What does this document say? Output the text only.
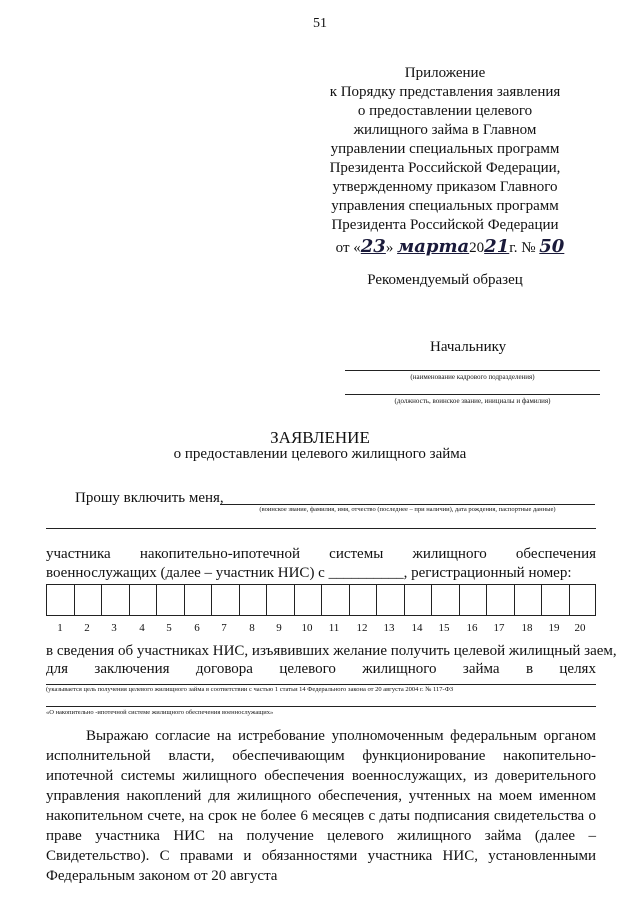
51
Приложение
к Порядку представления заявления
о предоставлении целевого
жилищного займа в Главном
управлении специальных программ
Президента Российской Федерации,
утвержденному приказом Главного
управления специальных программ
Президента Российской Федерации
от «23» марта2021г. № 50
Рекомендуемый образец
Начальнику
(наименование кадрового подразделения)
(должность, воинское звание, инициалы и фамилия)
ЗАЯВЛЕНИЕ
о предоставлении целевого жилищного займа
Прошу включить меня,
(воинское звание, фамилия, имя, отчество (последнее – при наличии), дата рождения, паспортные данные)
участника накопительно-ипотечной системы жилищного обеспечения
военнослужащих (далее – участник НИС) с __________, регистрационный номер:
1	2	3	4	5	6	7	8	9	10	11	12	13	14	15	16	17	18	19	20
в сведения об участниках НИС, изъявивших желание получить целевой жилищный заем,
для заключения договора целевого жилищного займа в целях
(указывается цель получения целевого жилищного займа в соответствии с частью 1 статьи 14 Федерального закона от 20 августа 2004 г. № 117-ФЗ
«О накопительно -ипотечной системе жилищного обеспечения военнослужащих»
Выражаю согласие на истребование уполномоченным федеральным органом исполнительной власти, обеспечивающим функционирование накопительно-ипотечной системы жилищного обеспечения военнослужащих, из доверительного управления накоплений для жилищного обеспечения, учтенных на моем именном накопительном счете, на срок не более 6 месяцев с даты подписания свидетельства о праве участника НИС на получение целевого жилищного займа (далее – Свидетельство). С правами и обязанностями участника НИС, установленными Федеральным законом от 20 августа
